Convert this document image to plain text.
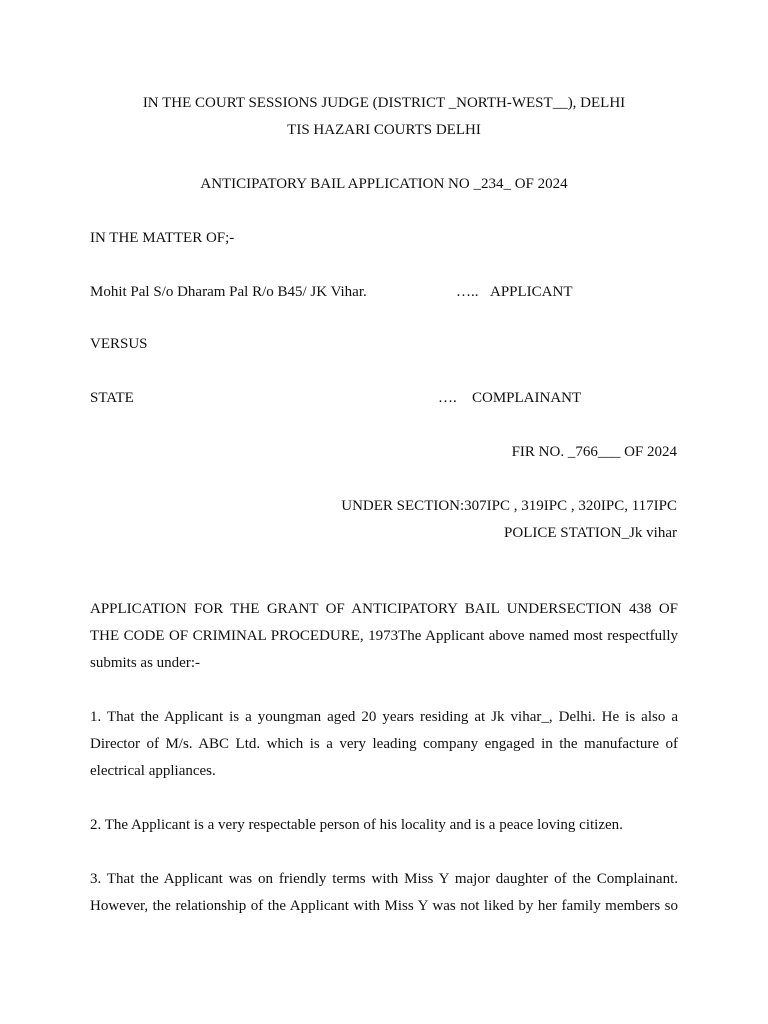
IN THE COURT SESSIONS JUDGE (DISTRICT _NORTH-WEST__), DELHI
TIS HAZARI COURTS DELHI
ANTICIPATORY BAIL APPLICATION NO _234_ OF 2024
IN THE MATTER OF;-
Mohit Pal S/o Dharam Pal R/o B45/ JK Vihar.	….. APPLICANT
VERSUS
STATE	…. COMPLAINANT
FIR NO. _766___ OF 2024
UNDER SECTION:307IPC , 319IPC , 320IPC, 117IPC
POLICE STATION_Jk vihar
APPLICATION FOR THE GRANT OF ANTICIPATORY BAIL UNDERSECTION 438 OF
THE CODE OF CRIMINAL PROCEDURE, 1973The Applicant above named most respectfully
submits as under:-
1. That the Applicant is a youngman aged 20 years residing at Jk vihar_, Delhi. He is also a
Director of M/s. ABC Ltd. which is a very leading company engaged in the manufacture of
electrical appliances.
2. The Applicant is a very respectable person of his locality and is a peace loving citizen.
3. That the Applicant was on friendly terms with Miss Y major daughter of the Complainant.
However, the relationship of the Applicant with Miss Y was not liked by her family members so
